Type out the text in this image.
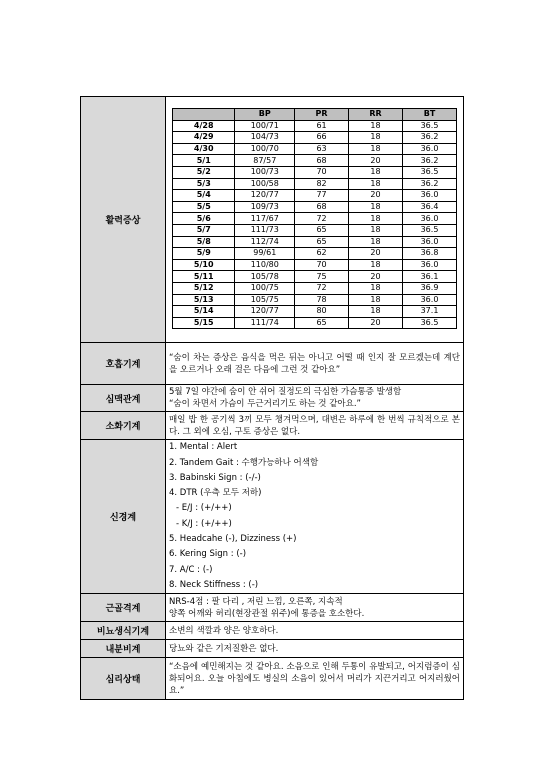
활력증상	
	BP	PR	RR	BT
4/28	100/71	61	18	36.5
4/29	104/73	66	18	36.2
4/30	100/70	63	18	36.0
5/1	87/57	68	20	36.2
5/2	100/73	70	18	36.5
5/3	100/58	82	18	36.2
5/4	120/77	77	20	36.0
5/5	109/73	68	18	36.4
5/6	117/67	72	18	36.0
5/7	111/73	65	18	36.5
5/8	112/74	65	18	36.0
5/9	99/61	62	20	36.8
5/10	110/80	70	18	36.0
5/11	105/78	75	20	36.1
5/12	100/75	72	18	36.9
5/13	105/75	78	18	36.0
5/14	120/77	80	18	37.1
5/15	111/74	65	20	36.5

호흡기계	“숨이 차는 증상은 음식을 먹은 뒤는 아니고 어떨 때 인지 잘 모르겠는데 계단을 오르거나 오래 걸은 다음에 그런 것 같아요”
심맥관계	
5월 7일 야간에 숨이 안 쉬어 질정도의 극심한 가슴통증 발생함
“숨이 차면서 가슴이 두근거리기도 하는 것 같아요.”

소화기계	매일 밥 한 공기씩 3끼 모두 챙겨먹으며, 대변은 하루에 한 번씩 규칙적으로 본다. 그 외에 오심, 구토 증상은 없다.
신경계	
1. Mental : Alert
2. Tandem Gait : 수행가능하나 어색함
3. Babinski Sign : (-/-)
4. DTR (우측 모두 저하)
- E/J : (+/++)
- K/J : (+/++)
5. Headcahe (-), Dizziness (+)
6. Kering Sign : (-)
7. A/C : (-)
8. Neck Stiffness : (-)

근골격계	
NRS-4점 : 팔 다리 , 저린 느낌, 오른쪽, 지속적
양쪽 어깨와 허리(현장관절 위주)에 통증을 호소한다.

비뇨생식기계	소변의 색깔과 양은 양호하다.
내분비계	당뇨와 같은 기저질환은 없다.
심리상태	“소음에 예민해지는 것 같아요. 소음으로 인해 두통이 유발되고, 어지럼증이 심화되어요. 오늘 아침에도 병실의 소음이 있어서 머리가 지끈거리고 어지러웠어요.”
